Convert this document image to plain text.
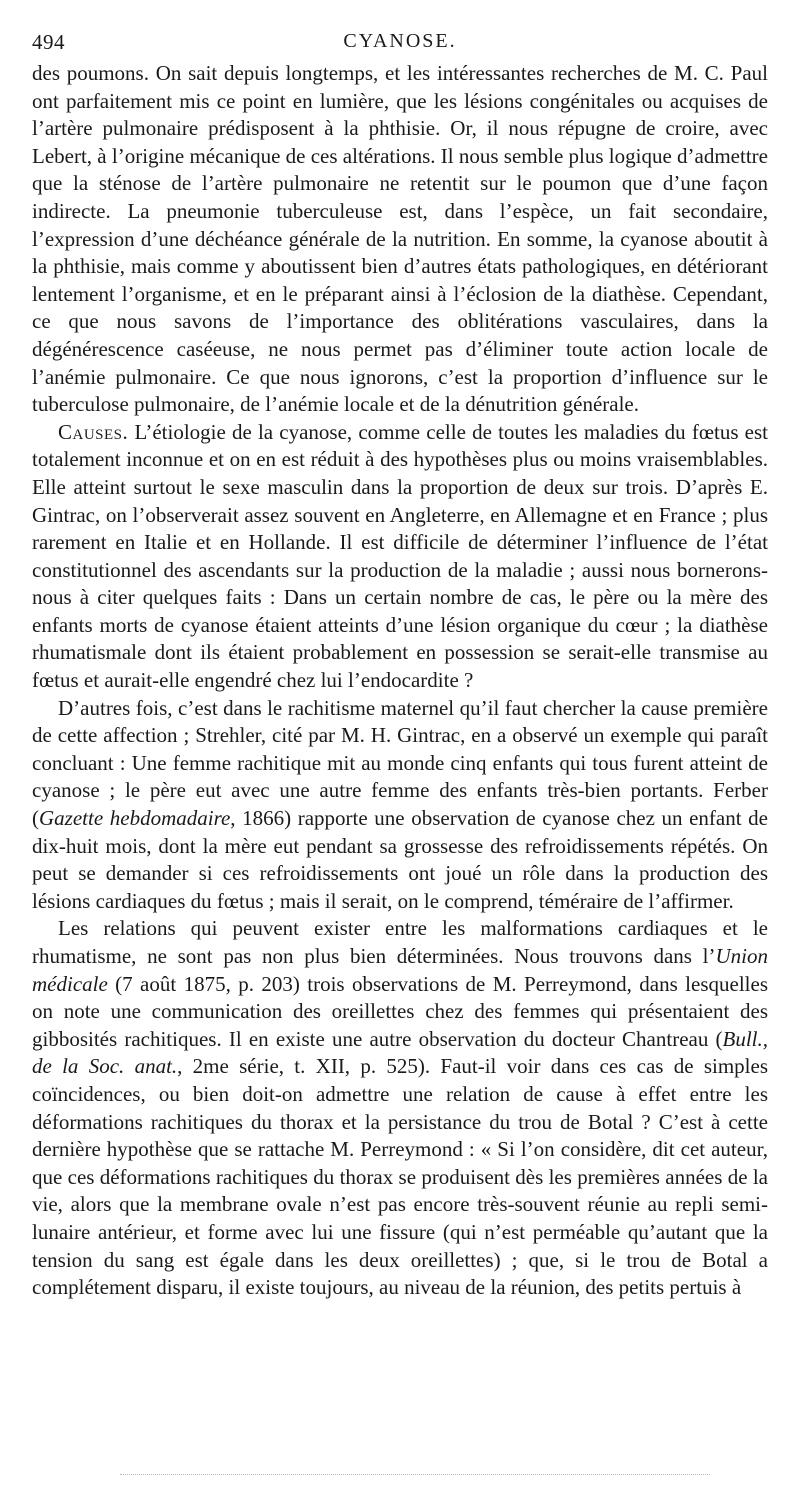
494	CYANOSE.

des poumons. On sait depuis longtemps, et les intéressantes recherches de M. C. Paul ont parfaitement mis ce point en lumière, que les lésions congénitales ou acquises de l’artère pulmonaire prédisposent à la phthisie. Or, il nous répugne de croire, avec Lebert, à l’origine mécanique de ces altérations. Il nous semble plus logique d’admettre que la sténose de l’artère pulmonaire ne retentit sur le poumon que d’une façon indirecte. La pneumonie tuberculeuse est, dans l’espèce, un fait secondaire, l’expression d’une déchéance générale de la nutrition. En somme, la cyanose aboutit à la phthisie, mais comme y aboutissent bien d’autres états pathologiques, en détériorant lentement l’organisme, et en le préparant ainsi à l’éclosion de la diathèse. Cependant, ce que nous savons de l’importance des oblitérations vasculaires, dans la dégénérescence caséeuse, ne nous permet pas d’éliminer toute action locale de l’anémie pulmonaire. Ce que nous ignorons, c’est la proportion d’influence sur le tuberculose pulmonaire, de l’anémie locale et de la dénutrition générale.

Causes. L’étiologie de la cyanose, comme celle de toutes les maladies du fœtus est totalement inconnue et on en est réduit à des hypothèses plus ou moins vraisemblables. Elle atteint surtout le sexe masculin dans la proportion de deux sur trois. D’après E. Gintrac, on l’observerait assez souvent en Angleterre, en Allemagne et en France ; plus rarement en Italie et en Hollande. Il est difficile de déterminer l’influence de l’état constitutionnel des ascendants sur la production de la maladie ; aussi nous bornerons-nous à citer quelques faits : Dans un certain nombre de cas, le père ou la mère des enfants morts de cyanose étaient atteints d’une lésion organique du cœur ; la diathèse rhumatismale dont ils étaient probablement en possession se serait-elle transmise au fœtus et aurait-elle engendré chez lui l’endocardite ?

D’autres fois, c’est dans le rachitisme maternel qu’il faut chercher la cause première de cette affection ; Strehler, cité par M. H. Gintrac, en a observé un exemple qui paraît concluant : Une femme rachitique mit au monde cinq enfants qui tous furent atteint de cyanose ; le père eut avec une autre femme des enfants très-bien portants. Ferber (Gazette hebdomadaire, 1866) rapporte une observation de cyanose chez un enfant de dix-huit mois, dont la mère eut pendant sa grossesse des refroidissements répétés. On peut se demander si ces refroidissements ont joué un rôle dans la production des lésions cardiaques du fœtus ; mais il serait, on le comprend, téméraire de l’affirmer.

Les relations qui peuvent exister entre les malformations cardiaques et le rhumatisme, ne sont pas non plus bien déterminées. Nous trouvons dans l’Union médicale (7 août 1875, p. 203) trois observations de M. Perreymond, dans lesquelles on note une communication des oreillettes chez des femmes qui présentaient des gibbosités rachitiques. Il en existe une autre observation du docteur Chantreau (Bull., de la Soc. anat., 2me série, t. XII, p. 525). Faut-il voir dans ces cas de simples coïncidences, ou bien doit-on admettre une relation de cause à effet entre les déformations rachitiques du thorax et la persistance du trou de Botal ? C’est à cette dernière hypothèse que se rattache M. Perreymond : « Si l’on considère, dit cet auteur, que ces déformations rachitiques du thorax se produisent dès les premières années de la vie, alors que la membrane ovale n’est pas encore très-souvent réunie au repli semi-lunaire antérieur, et forme avec lui une fissure (qui n’est perméable qu’autant que la tension du sang est égale dans les deux oreillettes) ; que, si le trou de Botal a complétement disparu, il existe toujours, au niveau de la réunion, des petits pertuis à
